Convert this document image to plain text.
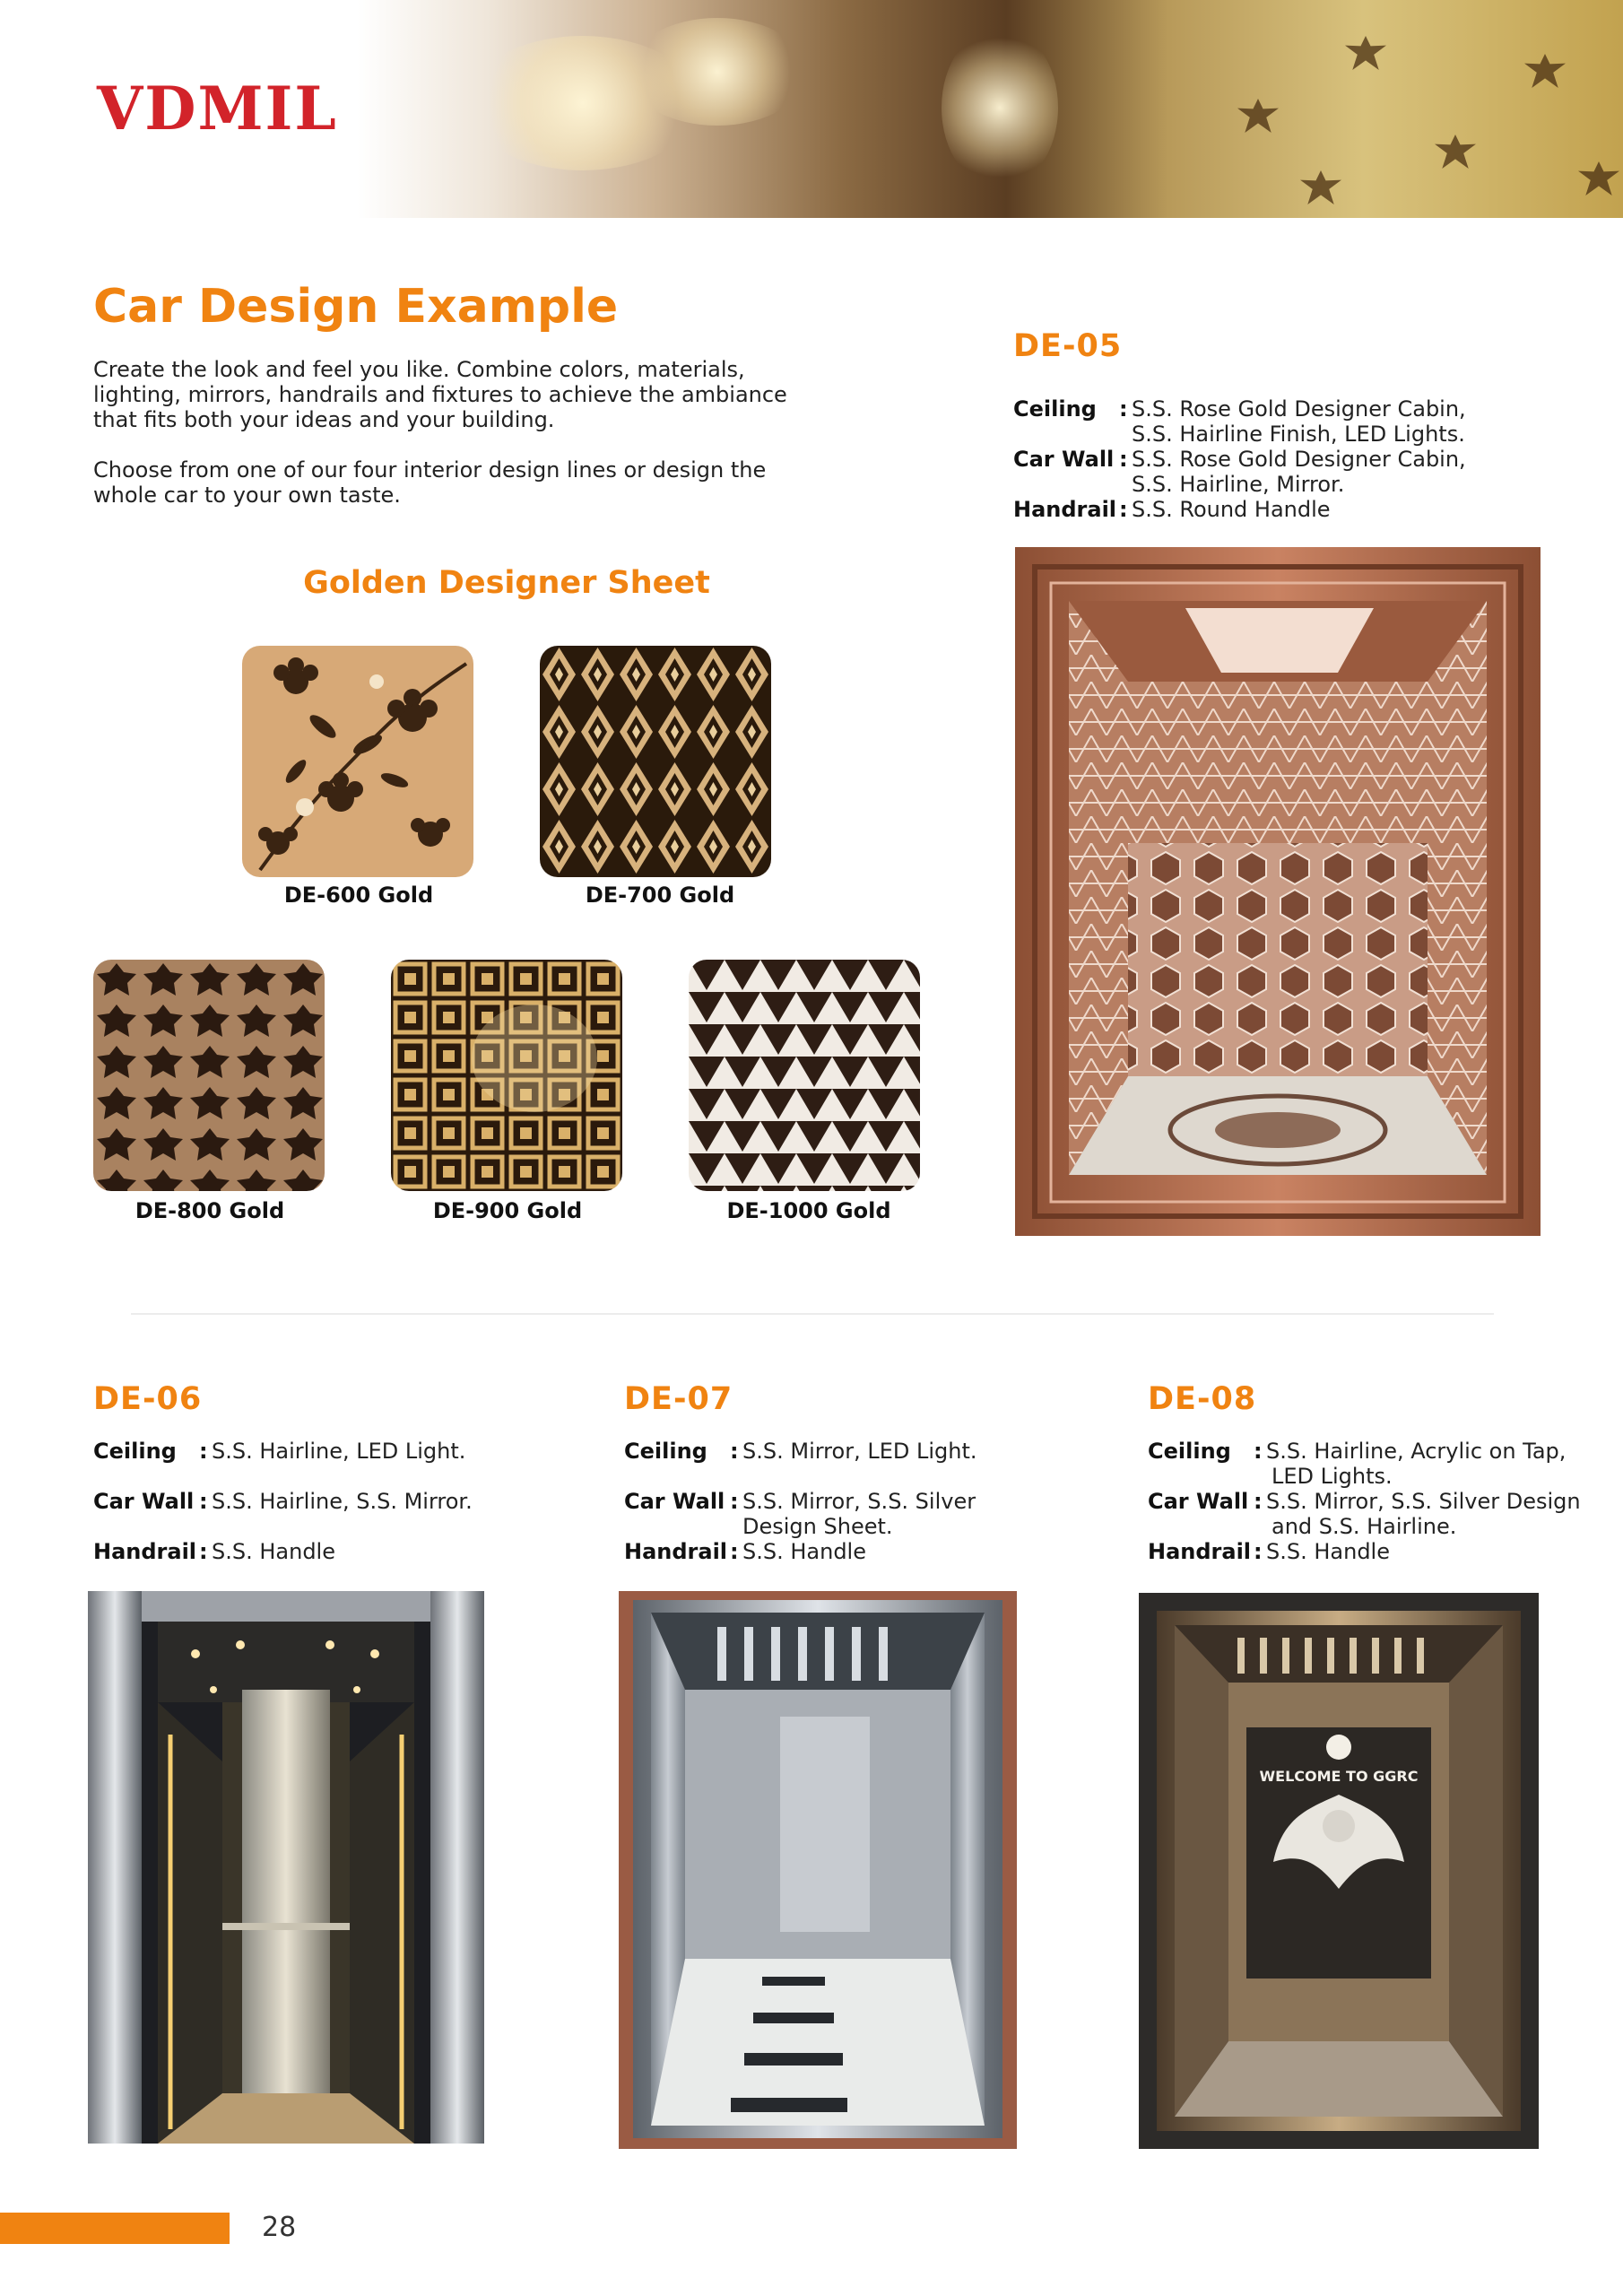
VDMIL
Car Design Example

Create the look and feel you like. Combine colors, materials, lighting, mirrors, handrails and fixtures to achieve the ambiance that fits both your ideas and your building.

Choose from one of our four interior design lines or design the whole car to your own taste.

Golden Designer Sheet
DE-600 Gold	DE-700 Gold
DE-800 Gold	DE-900 Gold	DE-1000 Gold
DE-05
Ceiling : S.S. Rose Gold Designer Cabin,
S.S. Hairline Finish, LED Lights.
Car Wall : S.S. Rose Gold Designer Cabin,
S.S. Hairline, Mirror.
Handrail : S.S. Round Handle
DE-06
Ceiling : S.S. Hairline, LED Light.
Car Wall : S.S. Hairline, S.S. Mirror.
Handrail : S.S. Handle
DE-07
Ceiling : S.S. Mirror, LED Light.
Car Wall : S.S. Mirror, S.S. Silver
Design Sheet.
Handrail : S.S. Handle
DE-08
Ceiling : S.S. Hairline, Acrylic on Tap,
LED Lights.
Car Wall : S.S. Mirror, S.S. Silver Design
and S.S. Hairline.
Handrail : S.S. Handle
WELCOME TO GGRC
28
